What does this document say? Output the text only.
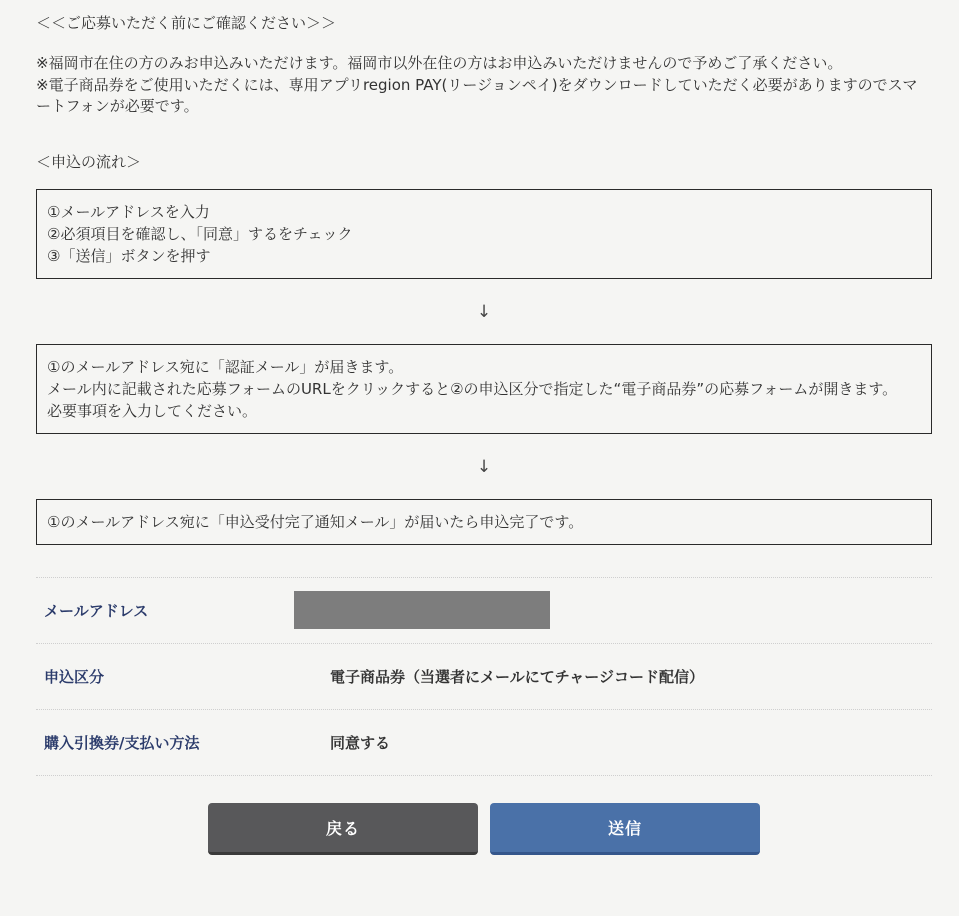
＜＜ご応募いただく前にご確認ください＞＞
※福岡市在住の方のみお申込みいただけます。福岡市以外在住の方はお申込みいただけませんので予めご了承ください。
※電子商品券をご使用いただくには、専用アプリregion PAY(リージョンペイ)をダウンロードしていただく必要がありますのでスマートフォンが必要です。
＜申込の流れ＞
①メールアドレスを入力
②必須項目を確認し、「同意」するをチェック
③「送信」ボタンを押す
↓
①のメールアドレス宛に「認証メール」が届きます。
メール内に記載された応募フォームのURLをクリックすると②の申込区分で指定した“電子商品券”の応募フォームが開きます。
必要事項を入力してください。
↓
①のメールアドレス宛に「申込受付完了通知メール」が届いたら申込完了です。
メールアドレス
申込区分	電子商品券（当選者にメールにてチャージコード配信）
購入引換券/支払い方法	同意する
戻る	送信
